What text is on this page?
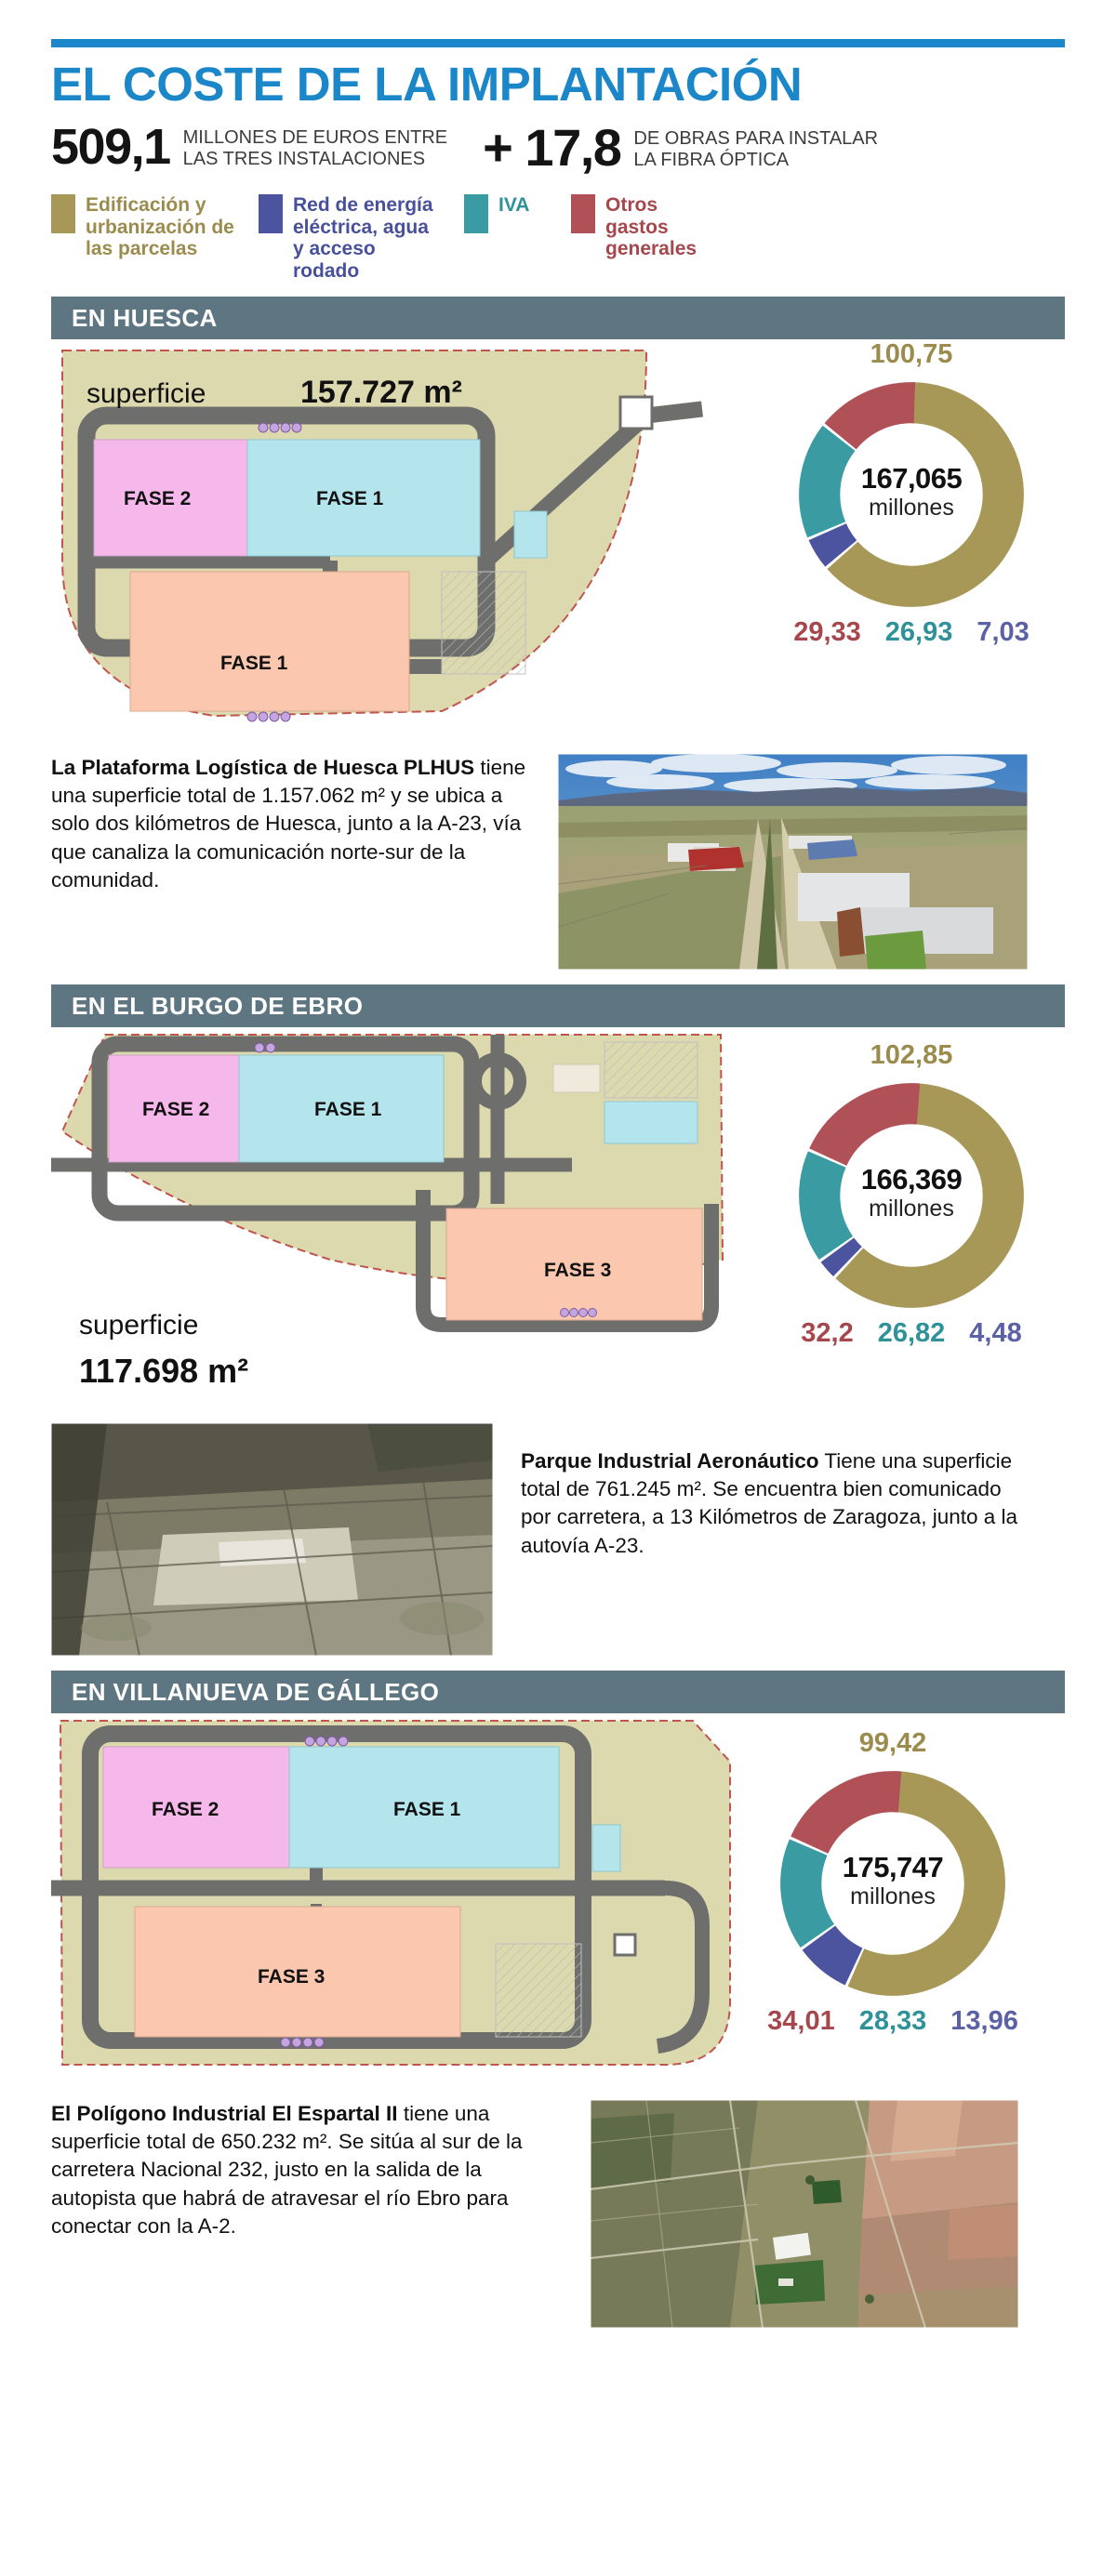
EL COSTE DE LA IMPLANTACIÓN
509,1 MILLONES DE EUROS ENTRE
LAS TRES INSTALACIONES	+ 17,8 DE OBRAS PARA INSTALAR
LA FIBRA ÓPTICA
Edificación y urbanización de las parcelas
Red de energía eléctrica, agua y acceso rodado
IVA	Otros gastos generales
EN HUESCA
superficie	157.727 m²
FASE 2	FASE 1
FASE 1
100,75
167,065
millones
29,33 26,93 7,03
La Plataforma Logística de Huesca PLHUS tiene una superficie total de 1.157.062 m² y se ubica a solo dos kilómetros de Huesca, junto a la A-23, vía que canaliza la comunicación norte-sur de la comunidad.
EN EL BURGO DE EBRO
FASE 2	FASE 1
FASE 3
superficie
117.698 m²
102,85
166,369
millones
32,2 26,82 4,48
Parque Industrial Aeronáutico Tiene una superficie total de 761.245 m². Se encuentra bien comunicado por carretera, a 13 Kilómetros de Zaragoza, junto a la autovía A-23.
EN VILLANUEVA DE GÁLLEGO
FASE 2	FASE 1
FASE 3
99,42
175,747
millones
34,01 28,33 13,96
El Polígono Industrial El Espartal II tiene una superficie total de 650.232 m². Se sitúa al sur de la carretera Nacional 232, justo en la salida de la autopista que habrá de atravesar el río Ebro para conectar con la A-2.
